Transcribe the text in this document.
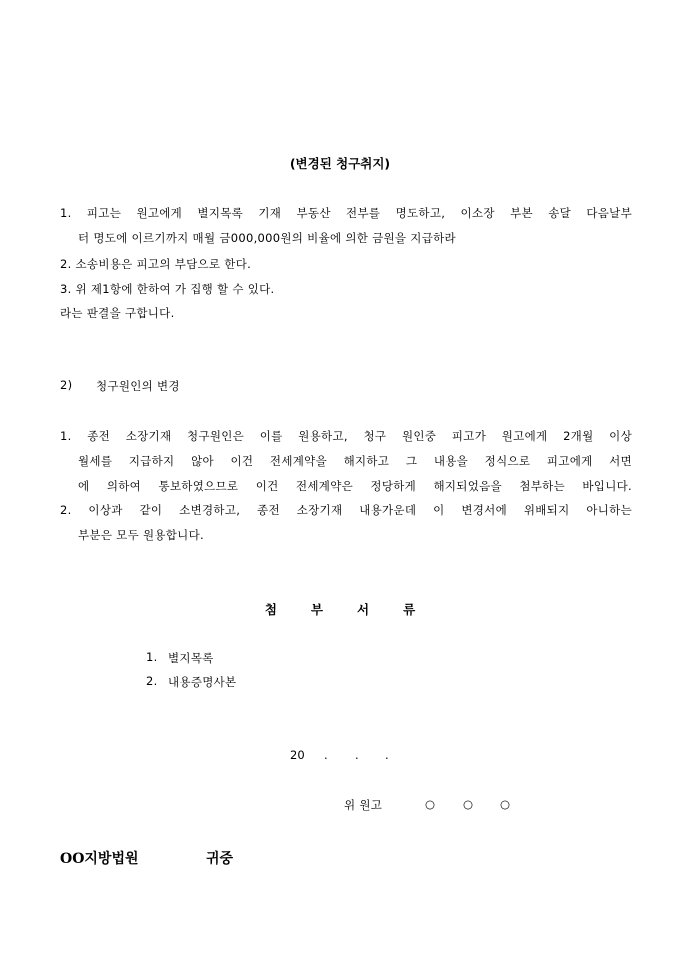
(변경된 청구취지)
1. 피고는 원고에게 별지목록 기재 부동산 전부를 명도하고, 이소장 부본 송달 다음날부
터 명도에 이르기까지 매월 금000,000원의 비율에 의한 금원을 지급하라
2. 소송비용은 피고의 부담으로 한다.
3. 위 제1항에 한하여 가 집행 할 수 있다.
라는 판결을 구합니다.
2) 청구원인의 변경
1. 종전 소장기재 청구원인은 이를 원용하고, 청구 원인중 피고가 원고에게 2개월 이상
월세를 지급하지 않아 이건 전세계약을 해지하고 그 내용을 정식으로 피고에게 서면
에 의하여 통보하였으므로 이건 전세계약은 정당하게 해지되었음을 첨부하는 바입니다.
2. 이상과 같이 소변경하고, 종전 소장기재 내용가운데 이 변경서에 위배되지 아니하는
부분은 모두 원용합니다.
첨부서류
1. 별지목록
2. 내용증명사본
20 . . .
위 원고	○ ○ ○
OO지방법원	귀중
